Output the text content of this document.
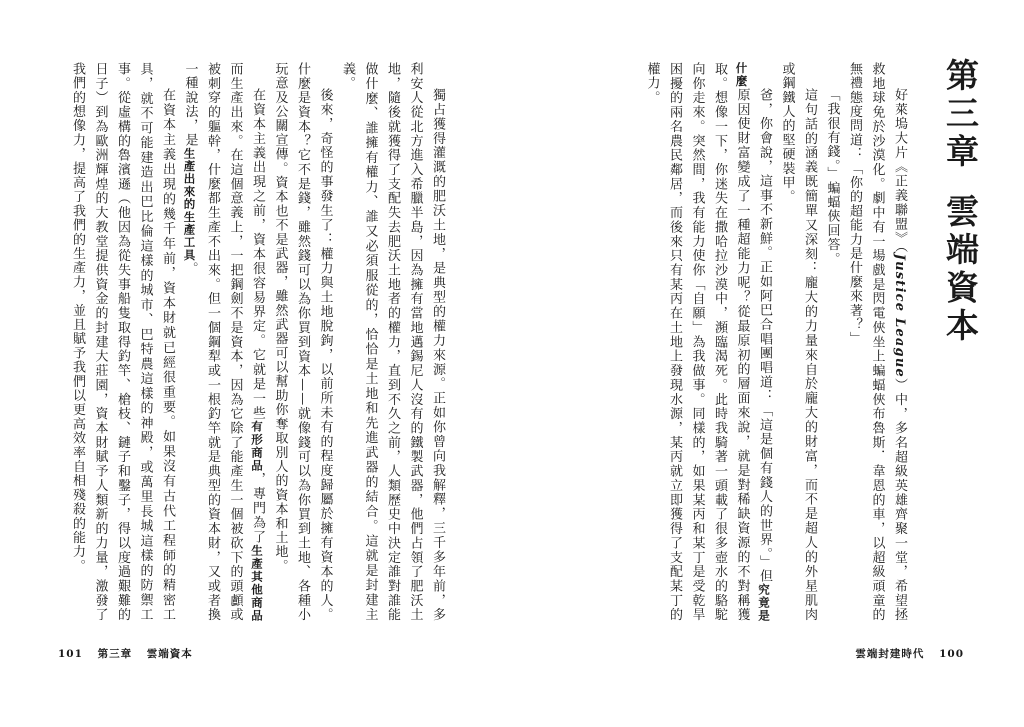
獨占獲得灌溉的肥沃土地，是典型的權力來源。正如你曾向我解釋，三千多年前，多利安人從北方進入希臘半島，因為擁有當地邁錫尼人沒有的鐵製武器，他們占領了肥沃土地，隨後就獲得了支配失去肥沃土地者的權力，直到不久之前，人類歷史中決定誰對誰能做什麼、誰擁有權力、誰又必須服從的，恰恰是土地和先進武器的結合。這就是封建主義。

後來，奇怪的事發生了：權力與土地脫鉤，以前所未有的程度歸屬於擁有資本的人。什麼是資本？它不是錢，雖然錢可以為你買到資本——就像錢可以為你買到土地、各種小玩意及公關宣傳。資本也不是武器，雖然武器可以幫助你奪取別人的資本和土地。

在資本主義出現之前，資本很容易界定。它就是一些有形商品，專門為了生產其他商品而生產出來。在這個意義上，一把鋼劍不是資本，因為它除了能產生一個被砍下的頭顱或被刺穿的軀幹，什麼都生產不出來。但一個鋼犁或一根釣竿就是典型的資本財，又或者換一種說法，是生產出來的生產工具。

在資本主義出現的幾千年前，資本財就已經很重要。如果沒有古代工程師的精密工具，就不可能建造出巴比倫這樣的城市、巴特農這樣的神殿，或萬里長城這樣的防禦工事。從虛構的魯濱遜（他因為從失事船隻取得釣竿、槍枝、鏈子和鑿子，得以度過艱難的日子）到為歐洲輝煌的大教堂提供資金的封建大莊園，資本財賦予人類新的力量，激發了我們的想像力，提高了我們的生產力，並且賦予我們以更高效率自相殘殺的能力。

101 第三章 雲端資本
第三章雲端資本

好萊塢大片《正義聯盟》（Justice League）中，多名超級英雄齊聚一堂，希望拯救地球免於沙漠化。劇中有一場戲是閃電俠坐上蝙蝠俠布魯斯．韋恩的車，以超級頑童的無禮態度問道：「你的超能力是什麼來著？」

「我很有錢。」蝙蝠俠回答。

這句話的涵義既簡單又深刻：龐大的力量來自於龐大的財富，而不是超人的外星肌肉或鋼鐵人的堅硬裝甲。

爸，你會說，這事不新鮮。正如阿巴合唱團唱道：「這是個有錢人的世界。」但究竟是什麼原因使財富變成了一種超能力呢？從最原初的層面來說，就是對稀缺資源的不對稱獲取。想像一下，你迷失在撒哈拉沙漠中，瀕臨渴死。此時我騎著一頭載了很多壺水的駱駝向你走來。突然間，我有能力使你「自願」為我做事。同樣的，如果某丙和某丁是受乾旱困擾的兩名農民鄰居，而後來只有某丙在土地上發現水源，某丙就立即獲得了支配某丁的權力。

雲端封建時代 100
